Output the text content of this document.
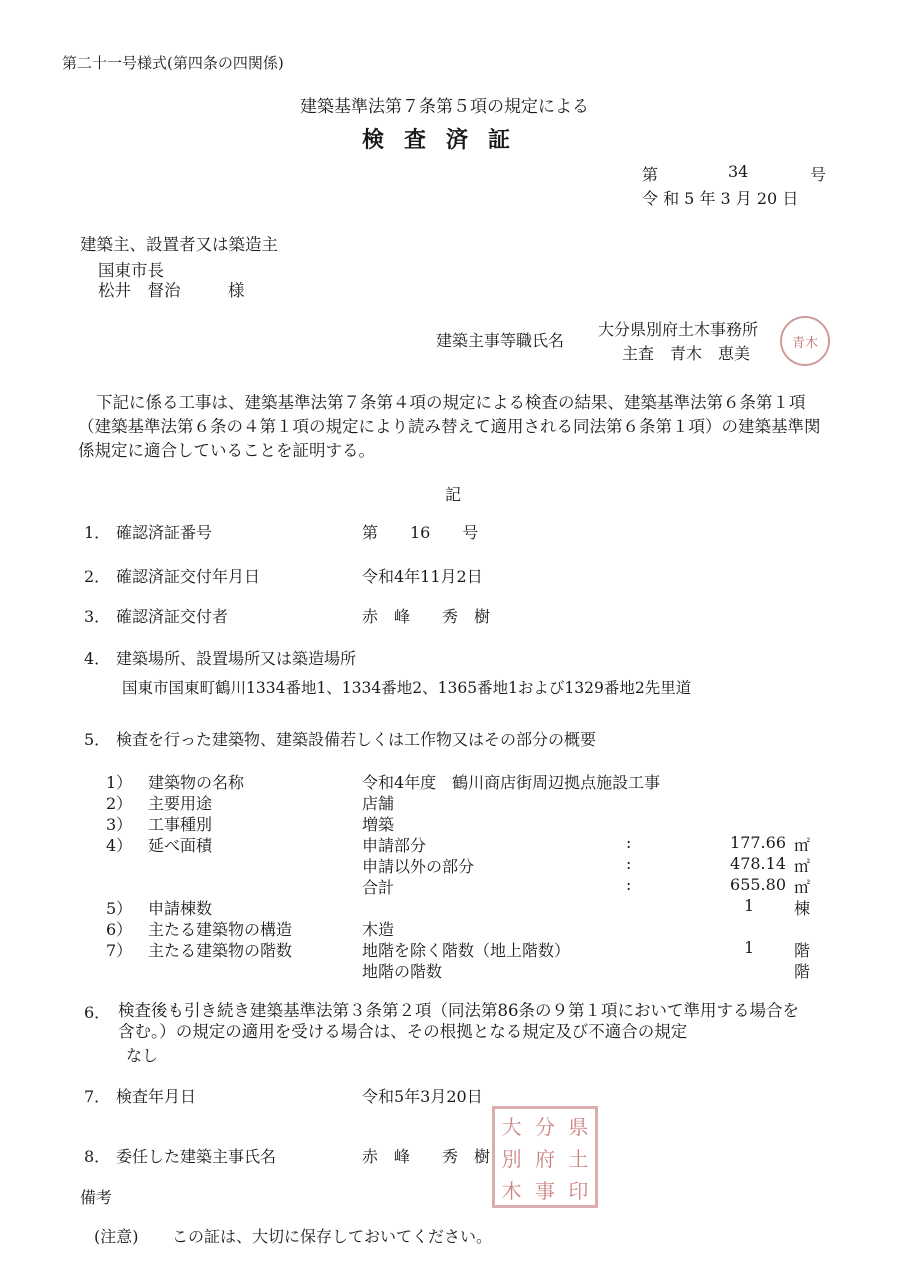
第二十一号様式(第四条の四関係)
建築基準法第７条第５項の規定による
検査済証
第	34	号
令 和 5 年 3 月 20 日
建築主、設置者又は築造主
国東市長
松井　督治	様
建築主事等職氏名
大分県別府土木事務所
主査　青木　恵美
青木
下記に係る工事は、建築基準法第７条第４項の規定による検査の結果、建築基準法第６条第１項 （建築基準法第６条の４第１項の規定により読み替えて適用される同法第６条第１項）の建築基準関係規定に適合していることを証明する。
記
1． 確認済証番号	第　　16　　号
2． 確認済証交付年月日	令和4年11月2日
3． 確認済証交付者	赤　峰　　秀　樹
4． 建築場所、設置場所又は築造場所
国東市国東町鶴川1334番地1、1334番地2、1365番地1および1329番地2先里道
5． 検査を行った建築物、建築設備若しくは工作物又はその部分の概要
1） 建築物の名称	令和4年度　鶴川商店街周辺拠点施設工事
2） 主要用途	店舗
3） 工事種別	増築
4） 延べ面積	申請部分	:	177.66 ㎡
申請以外の部分	:	478.14 ㎡
合計	:	655.80 ㎡
5） 申請棟数	1 棟
6） 主たる建築物の構造	木造
7） 主たる建築物の階数	地階を除く階数（地上階数）	1 階
地階の階数	階
6． 検査後も引き続き建築基準法第３条第２項（同法第86条の９第１項において準用する場合を含む。）の規定の適用を受ける場合は、その根拠となる規定及び不適合の規定
なし
7． 検査年月日	令和5年3月20日
8． 委任した建築主事氏名	赤　峰　　秀　樹
大 分 県
別 府 土
木 事 印
備考
(注意) この証は、大切に保存しておいてください。
